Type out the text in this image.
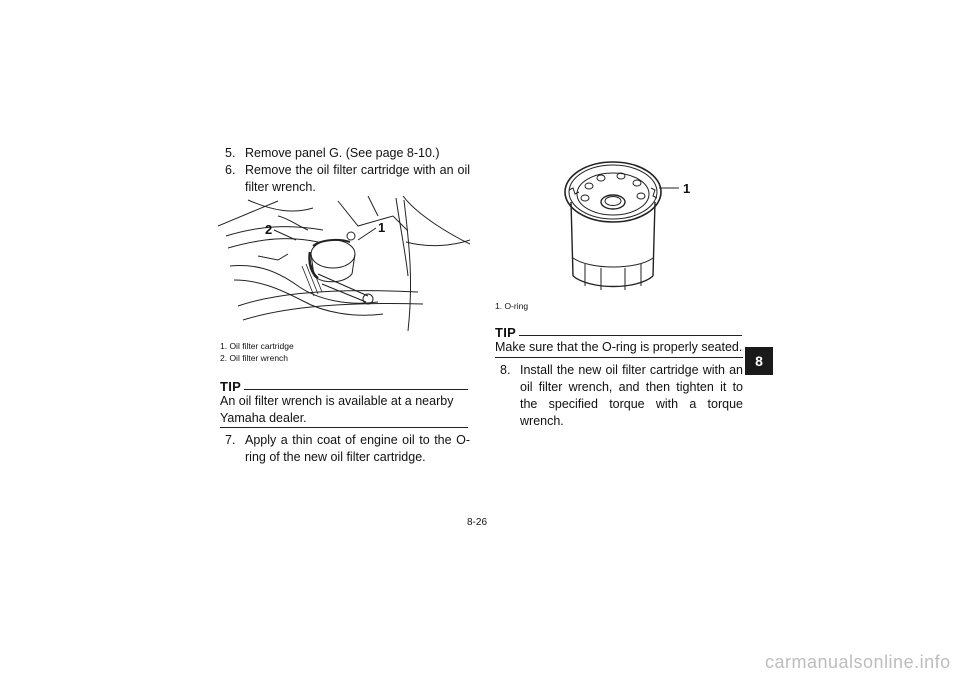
5. Remove panel G. (See page 8-10.)
6. Remove the oil filter cartridge with an oil filter wrench.
2	1
1. Oil filter cartridge
2. Oil filter wrench
TIP
An oil filter wrench is available at a nearby Yamaha dealer.
7. Apply a thin coat of engine oil to the O-ring of the new oil filter cartridge.
1
1. O-ring
TIP
Make sure that the O-ring is properly seated.
8. Install the new oil filter cartridge with an oil filter wrench, and then tighten it to the specified torque with a torque wrench.
8
8-26
carmanualsonline.info
